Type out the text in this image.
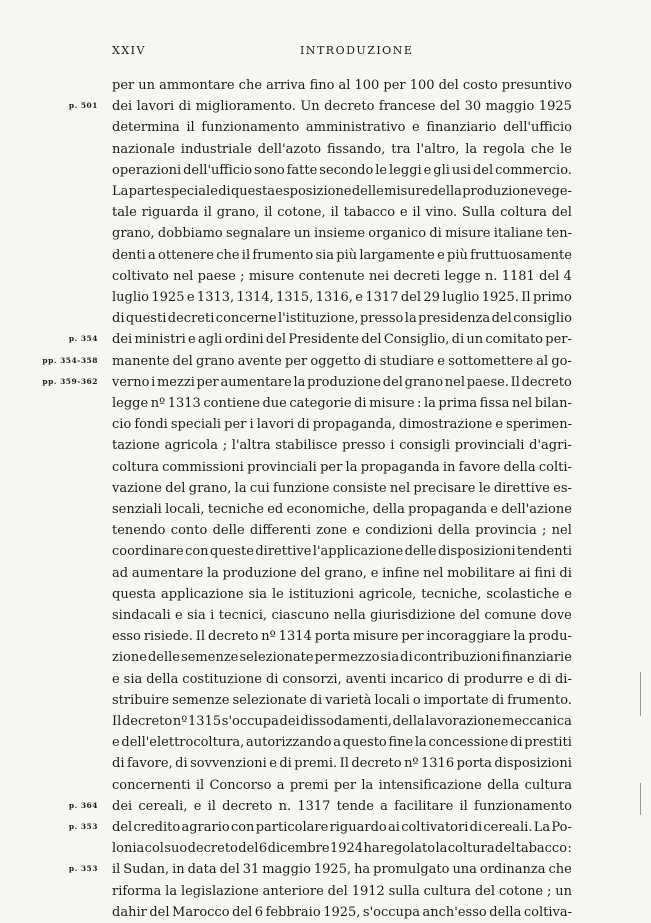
XXIV	INTRODUZIONE
per un ammontare che arriva fino al 100 per 100 del costo presuntivo
dei lavori di miglioramento. Un decreto francese del 30 maggio 1925
determina il funzionamento amministrativo e finanziario dell'ufficio
nazionale industriale dell'azoto fissando, tra l'altro, la regola che le
operazioni dell'ufficio sono fatte secondo le leggi e gli usi del commercio.
La parte speciale di questa esposizione delle misure della produzione vege-
tale riguarda il grano, il cotone, il tabacco e il vino. Sulla coltura del
grano, dobbiamo segnalare un insieme organico di misure italiane ten-
denti a ottenere che il frumento sia più largamente e più fruttuosamente
coltivato nel paese ; misure contenute nei decreti legge n. 1181 del 4
luglio 1925 e 1313, 1314, 1315, 1316, e 1317 del 29 luglio 1925. Il primo
di questi decreti concerne l'istituzione, presso la presidenza del consiglio
dei ministri e agli ordini del Presidente del Consiglio, di un comitato per-
manente del grano avente per oggetto di studiare e sottomettere al go-
verno i mezzi per aumentare la produzione del grano nel paese. Il decreto
legge nº 1313 contiene due categorie di misure : la prima fissa nel bilan-
cio fondi speciali per i lavori di propaganda, dimostrazione e sperimen-
tazione agricola ; l'altra stabilisce presso i consigli provinciali d'agri-
coltura commissioni provinciali per la propaganda in favore della colti-
vazione del grano, la cui funzione consiste nel precisare le direttive es-
senziali locali, tecniche ed economiche, della propaganda e dell'azione
tenendo conto delle differenti zone e condizioni della provincia ; nel
coordinare con queste direttive l'applicazione delle disposizioni tendenti
ad aumentare la produzione del grano, e infine nel mobilitare ai fini di
questa applicazione sia le istituzioni agricole, tecniche, scolastiche e
sindacali e sia i tecnici, ciascuno nella giurisdizione del comune dove
esso risiede. Il decreto nº 1314 porta misure per incoraggiare la produ-
zione delle semenze selezionate per mezzo sia di contribuzioni finanziarie
e sia della costituzione di consorzi, aventi incarico di produrre e di di-
stribuire semenze selezionate di varietà locali o importate di frumento.
Il decreto nº 1315 s'occupa dei dissodamenti, della lavorazione meccanica
e dell'elettrocoltura, autorizzando a questo fine la concessione di prestiti
di favore, di sovvenzioni e di premi. Il decreto nº 1316 porta disposizioni
concernenti il Concorso a premi per la intensificazione della cultura
dei cereali, e il decreto n. 1317 tende a facilitare il funzionamento
del credito agrario con particolare riguardo ai coltivatori di cereali. La Po-
lonia col suo decreto del 6 dicembre 1924 ha regolato la coltura del tabacco :
il Sudan, in data del 31 maggio 1925, ha promulgato una ordinanza che
riforma la legislazione anteriore del 1912 sulla cultura del cotone ; un
dahir del Marocco del 6 febbraio 1925, s'occupa anch'esso della coltiva-
p. 501
p. 354
pp. 354-358
pp. 359-362
p. 364
p. 353
p. 353
